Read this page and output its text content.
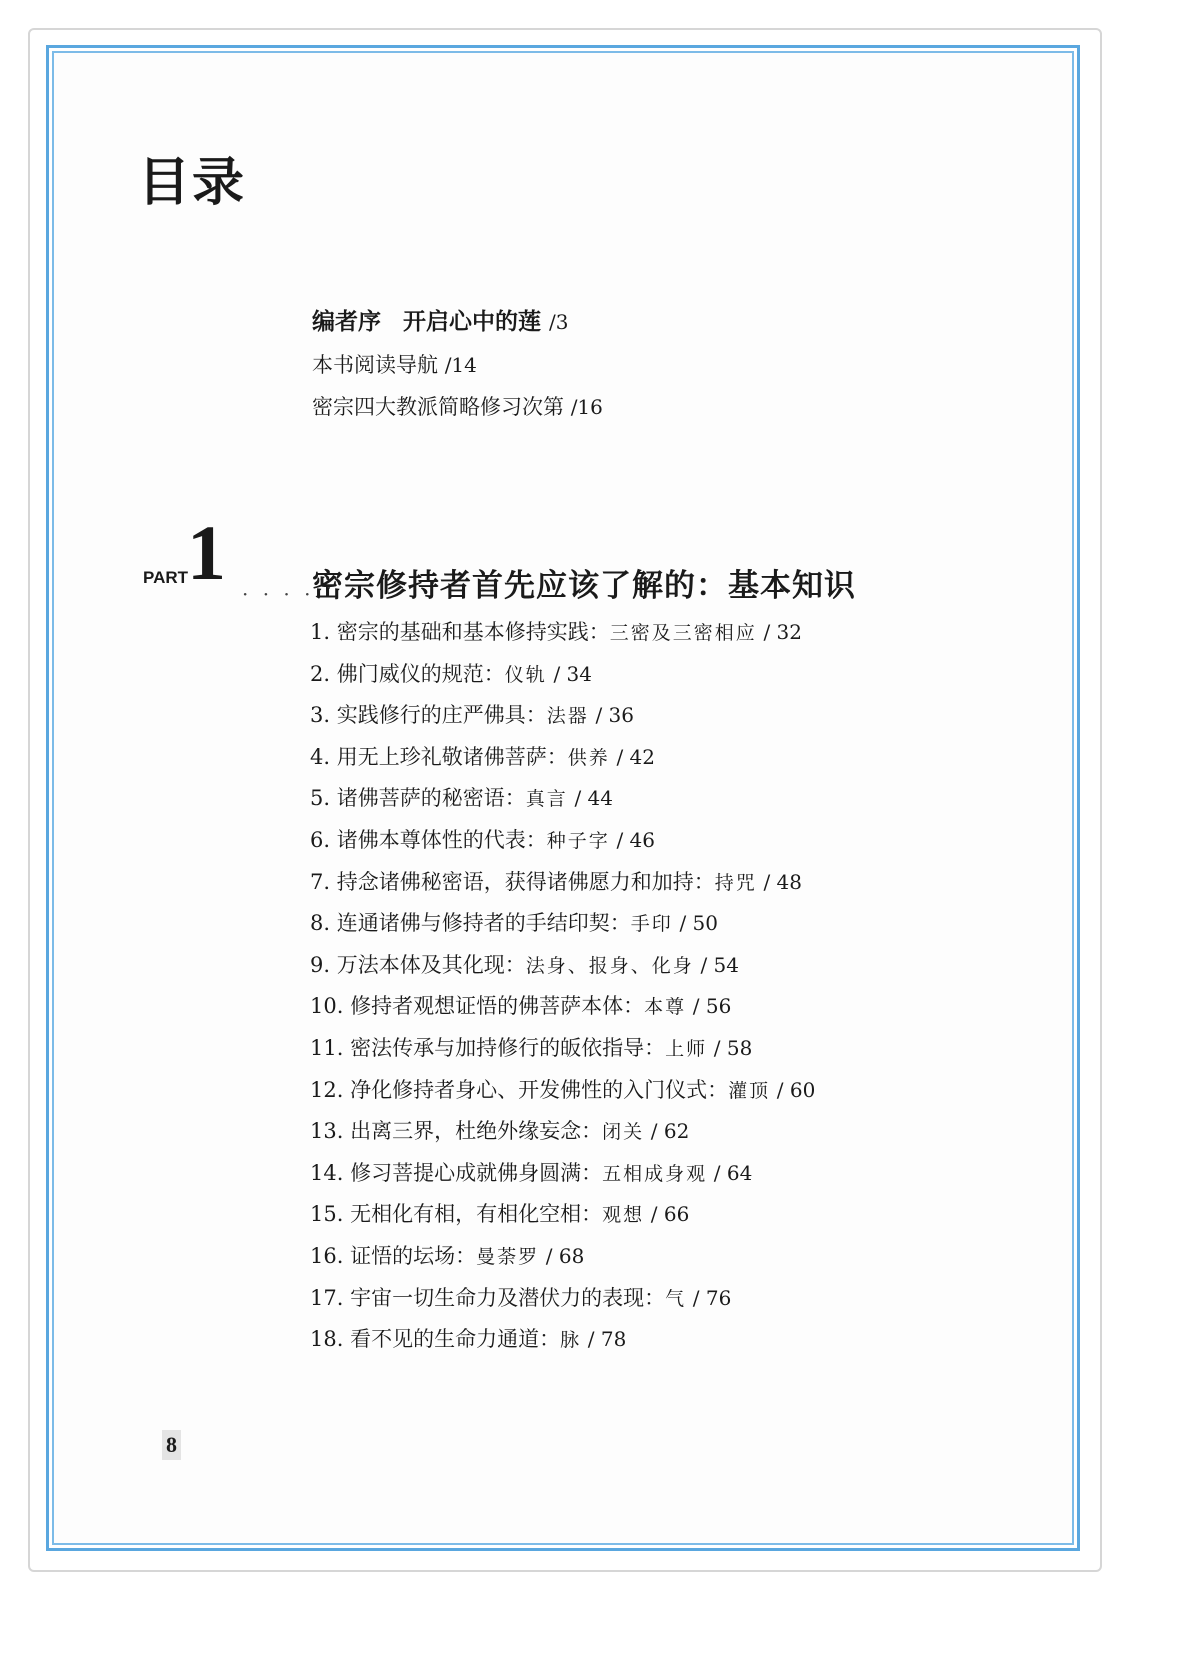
目录
编者序 开启心中的莲 /3
本书阅读导航 /14
密宗四大教派简略修习次第 /16
PART
1 · · · ·
密宗修持者首先应该了解的：基本知识
1. 密宗的基础和基本修持实践：三密及三密相应 / 32
2. 佛门威仪的规范：仪轨 / 34
3. 实践修行的庄严佛具：法器 / 36
4. 用无上珍礼敬诸佛菩萨：供养 / 42
5. 诸佛菩萨的秘密语：真言 / 44
6. 诸佛本尊体性的代表：种子字 / 46
7. 持念诸佛秘密语，获得诸佛愿力和加持：持咒 / 48
8. 连通诸佛与修持者的手结印契：手印 / 50
9. 万法本体及其化现：法身、报身、化身 / 54
10. 修持者观想证悟的佛菩萨本体：本尊 / 56
11. 密法传承与加持修行的皈依指导：上师 / 58
12. 净化修持者身心、开发佛性的入门仪式：灌顶 / 60
13. 出离三界，杜绝外缘妄念：闭关 / 62
14. 修习菩提心成就佛身圆满：五相成身观 / 64
15. 无相化有相，有相化空相：观想 / 66
16. 证悟的坛场：曼荼罗 / 68
17. 宇宙一切生命力及潜伏力的表现：气 / 76
18. 看不见的生命力通道：脉 / 78
8
